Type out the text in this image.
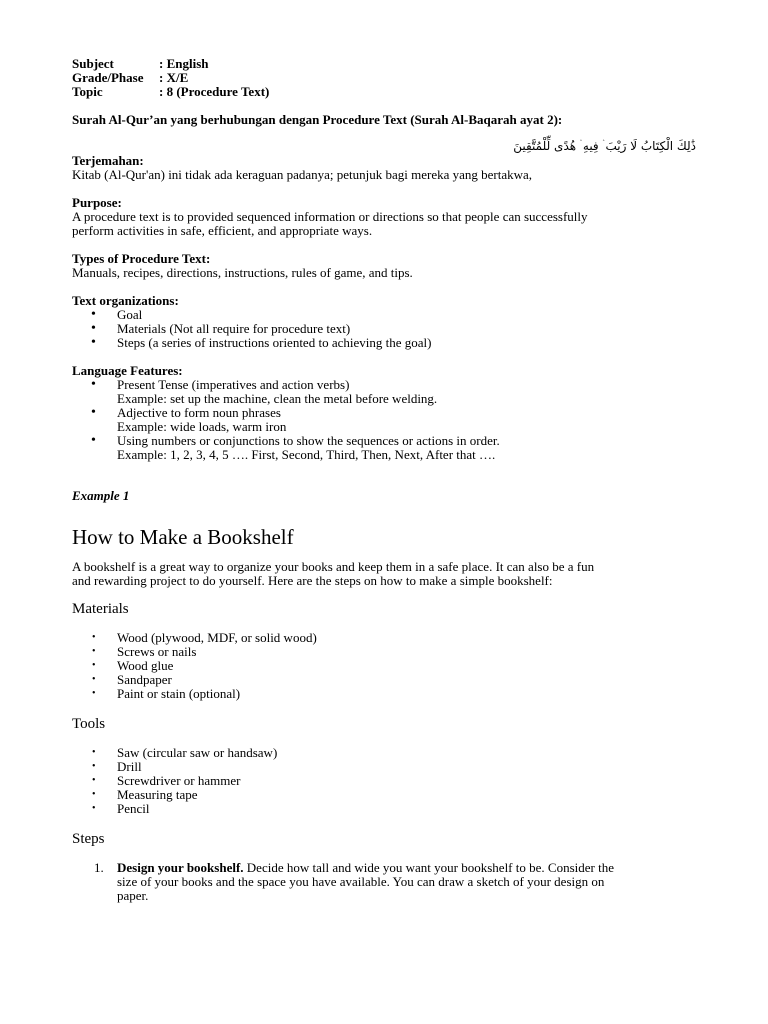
Subject	: English
Grade/Phase	: X/E
Topic	: 8 (Procedure Text)

Surah Al-Qur’an yang berhubungan dengan Procedure Text (Surah Al-Baqarah ayat 2):

ذَٰلِكَ الْكِتَابُ لَا رَيْبَ ۛ فِيهِ ۛ هُدًى لِّلْمُتَّقِينَ

Terjemahan:

Kitab (Al-Qur'an) ini tidak ada keraguan padanya; petunjuk bagi mereka yang bertakwa,

Purpose:

A procedure text is to provided sequenced information or directions so that people can successfully

perform activities in safe, efficient, and appropriate ways.

Types of Procedure Text:

Manuals, recipes, directions, instructions, rules of game, and tips.

Text organizations:

• Goal
• Materials (Not all require for procedure text)
• Steps (a series of instructions oriented to achieving the goal)

Language Features:

• Present Tense (imperatives and action verbs)
Example: set up the machine, clean the metal before welding.
• Adjective to form noun phrases
Example: wide loads, warm iron
• Using numbers or conjunctions to show the sequences or actions in order.
Example: 1, 2, 3, 4, 5 …. First, Second, Third, Then, Next, After that ….

Example 1

How to Make a Bookshelf

A bookshelf is a great way to organize your books and keep them in a safe place. It can also be a fun

and rewarding project to do yourself. Here are the steps on how to make a simple bookshelf:

Materials
• Wood (plywood, MDF, or solid wood)
• Screws or nails
• Wood glue
• Sandpaper
• Paint or stain (optional)
Tools
• Saw (circular saw or handsaw)
• Drill
• Screwdriver or hammer
• Measuring tape
• Pencil
Steps
1. Design your bookshelf. Decide how tall and wide you want your bookshelf to be. Consider the
size of your books and the space you have available. You can draw a sketch of your design on
paper.
